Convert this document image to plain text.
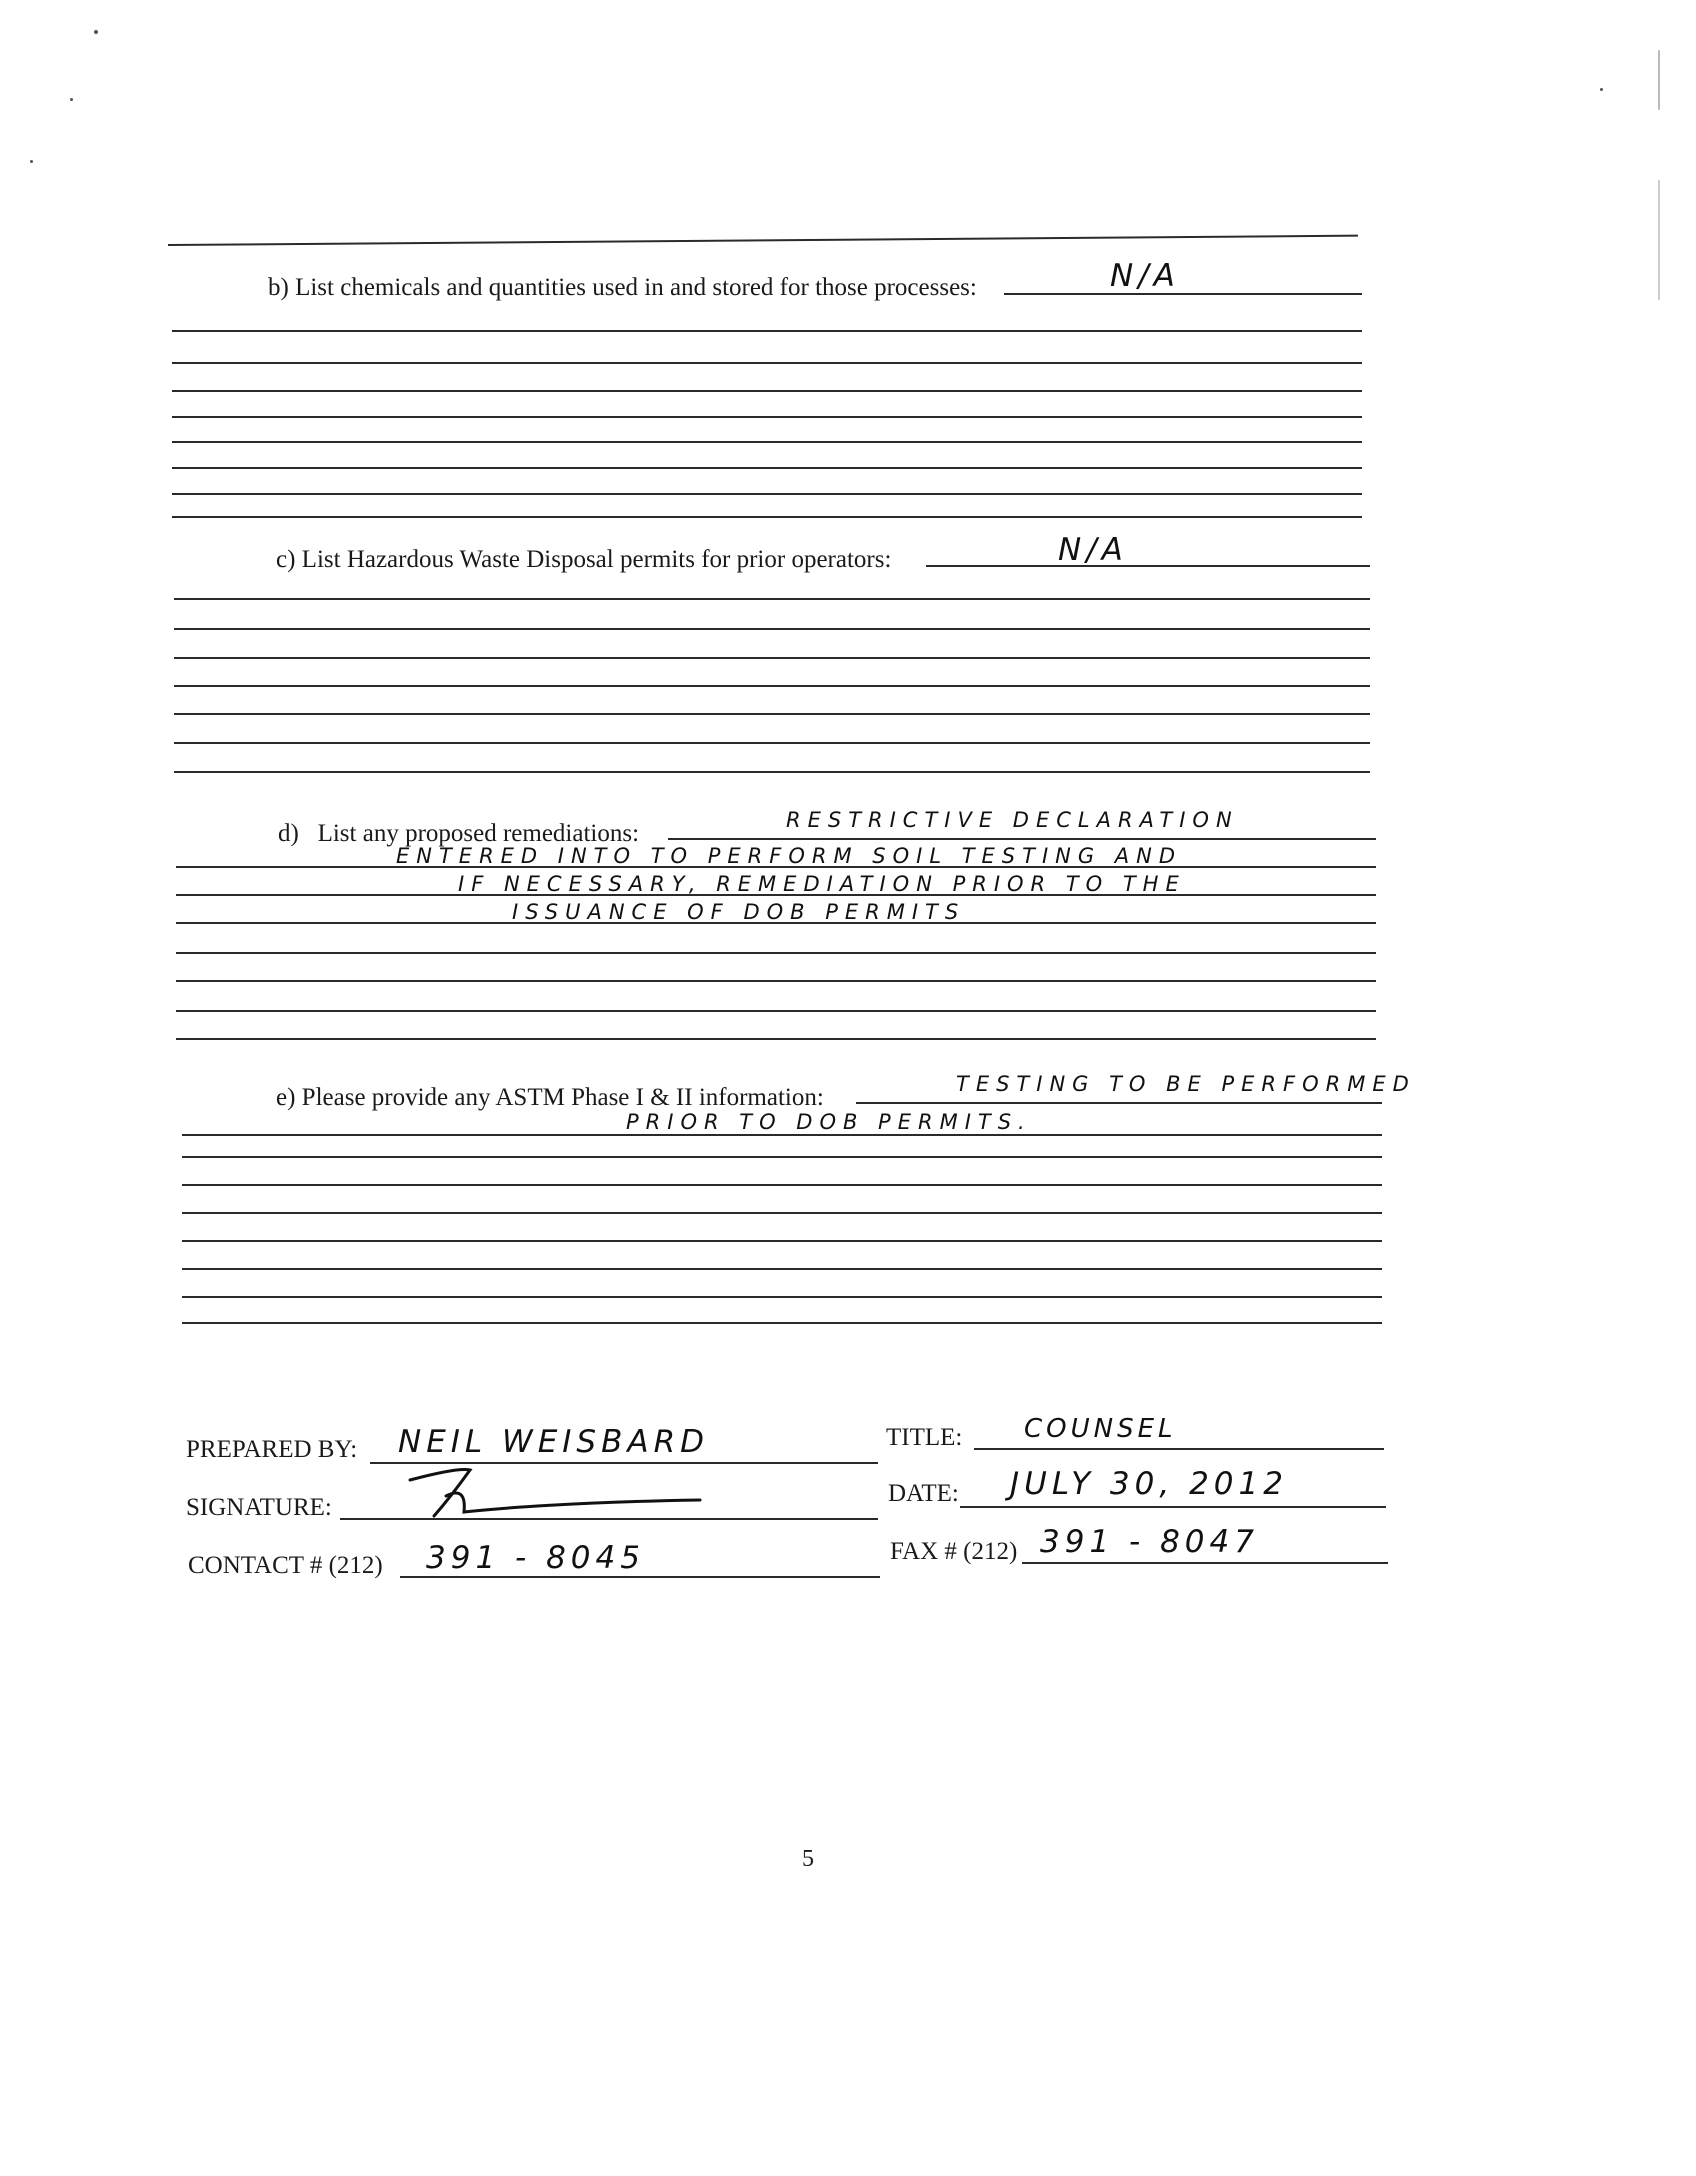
b) List chemicals and quantities used in and stored for those processes:	N/A
c) List Hazardous Waste Disposal permits for prior operators:	N/A
d)   List any proposed remediations:	RESTRICTIVE DECLARATION
ENTERED INTO TO PERFORM SOIL TESTING AND
IF NECESSARY, REMEDIATION PRIOR TO THE
ISSUANCE OF DOB PERMITS
e) Please provide any ASTM Phase I & II information:	TESTING TO BE PERFORMED
PRIOR TO DOB PERMITS.
PREPARED BY: NEIL WEISBARD	TITLE: COUNSEL
SIGNATURE:
DATE: JULY 30, 2012
CONTACT # (212) 391 - 8045	FAX # (212) 391 - 8047
5
